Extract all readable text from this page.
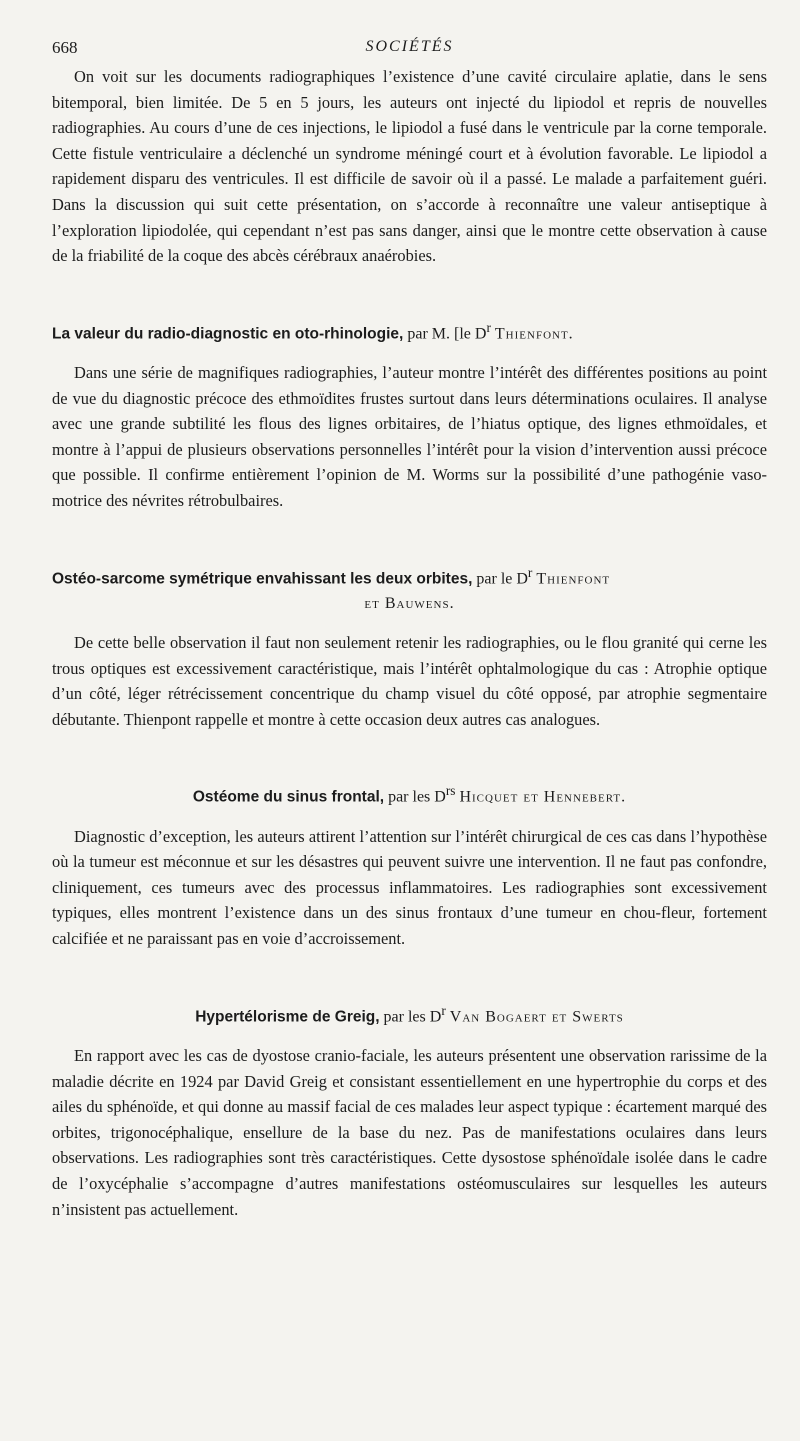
668	SOCIÉTÉS

On voit sur les documents radiographiques l’existence d’une cavité circulaire aplatie, dans le sens bitemporal, bien limitée. De 5 en 5 jours, les auteurs ont injecté du lipiodol et repris de nouvelles radiographies. Au cours d’une de ces injections, le lipiodol a fusé dans le ventricule par la corne temporale. Cette fistule ventriculaire a déclenché un syndrome méningé court et à évolution favorable. Le lipiodol a rapidement disparu des ventricules. Il est difficile de savoir où il a passé. Le malade a parfaitement guéri. Dans la discussion qui suit cette présentation, on s’accorde à reconnaître une valeur antiseptique à l’exploration lipiodolée, qui cependant n’est pas sans danger, ainsi que le montre cette observation à cause de la friabilité de la coque des abcès cérébraux anaérobies.

La valeur du radio-diagnostic en oto-rhinologie, par M. [le $D^r$ Thienfont.

Dans une série de magnifiques radiographies, l’auteur montre l’intérêt des différentes positions au point de vue du diagnostic précoce des ethmoïdites frustes surtout dans leurs déterminations oculaires. Il analyse avec une grande subtilité les flous des lignes orbitaires, de l’hiatus optique, des lignes ethmoïdales, et montre à l’appui de plusieurs observations personnelles l’intérêt pour la vision d’intervention aussi précoce que possible. Il confirme entièrement l’opinion de M. Worms sur la possibilité d’une pathogénie vaso-motrice des névrites rétrobulbaires.

Ostéo-sarcome symétrique envahissant les deux orbites, par le $D^r$ Thienfont
et Bauwens.

De cette belle observation il faut non seulement retenir les radiographies, ou le flou granité qui cerne les trous optiques est excessivement caractéristique, mais l’intérêt ophtalmologique du cas : Atrophie optique d’un côté, léger rétrécissement concentrique du champ visuel du côté opposé, par atrophie segmentaire débutante. Thienpont rappelle et montre à cette occasion deux autres cas analogues.

Ostéome du sinus frontal, par les $D^{rs}$ Hicquet et Hennebert.

Diagnostic d’exception, les auteurs attirent l’attention sur l’intérêt chirurgical de ces cas dans l’hypothèse où la tumeur est méconnue et sur les désastres qui peuvent suivre une intervention. Il ne faut pas confondre, cliniquement, ces tumeurs avec des processus inflammatoires. Les radiographies sont excessivement typiques, elles montrent l’existence dans un des sinus frontaux d’une tumeur en chou-fleur, fortement calcifiée et ne paraissant pas en voie d’accroissement.

Hypertélorisme de Greig, par les $D^r$ Van Bogaert et Swerts

En rapport avec les cas de dyostose cranio-faciale, les auteurs présentent une observation rarissime de la maladie décrite en 1924 par David Greig et consistant essentiellement en une hypertrophie du corps et des ailes du sphénoïde, et qui donne au massif facial de ces malades leur aspect typique : écartement marqué des orbites, trigonocéphalique, ensellure de la base du nez. Pas de manifestations oculaires dans leurs observations. Les radiographies sont très caractéristiques. Cette dysostose sphénoïdale isolée dans le cadre de l’oxycéphalie s’accompagne d’autres manifestations ostéomusculaires sur lesquelles les auteurs n’insistent pas actuellement.
